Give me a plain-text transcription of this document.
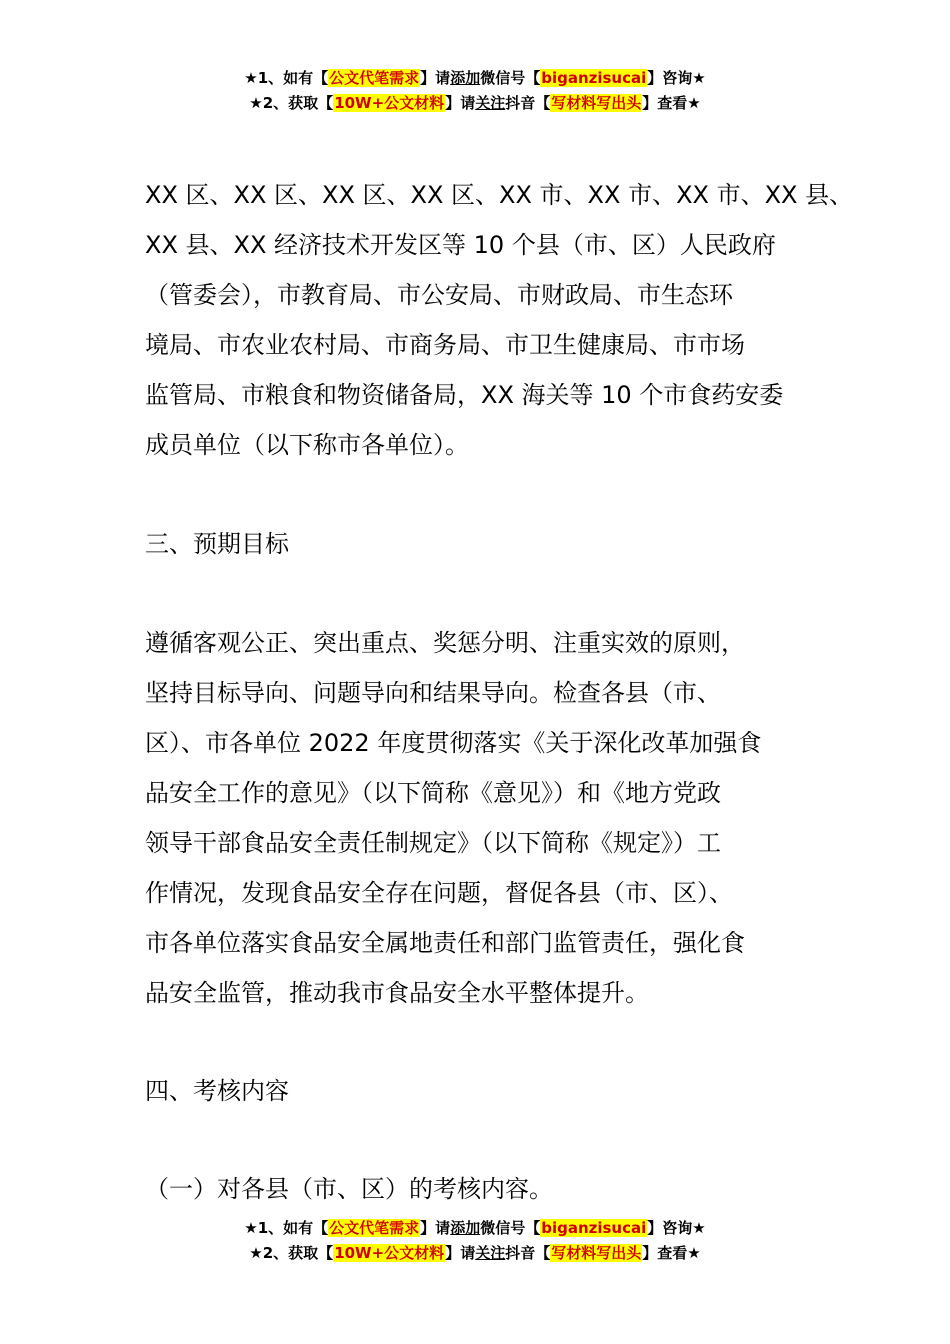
★1、如有【公文代笔需求】请添加微信号【biganzisucai】咨询★
★2、获取【10W+公文材料】请关注抖音【写材料写出头】查看★
XX 区、XX 区、XX 区、XX 区、XX 市、XX 市、XX 市、XX 县、
XX 县、XX 经济技术开发区等 10 个县（市、区）人民政府
（管委会），市教育局、市公安局、市财政局、市生态环
境局、市农业农村局、市商务局、市卫生健康局、市市场
监管局、市粮食和物资储备局，XX 海关等 10 个市食药安委
成员单位（以下称市各单位）。
三、预期目标
遵循客观公正、突出重点、奖惩分明、注重实效的原则，
坚持目标导向、问题导向和结果导向。检查各县（市、
区）、市各单位 2022 年度贯彻落实《关于深化改革加强食
品安全工作的意见》（以下简称《意见》）和《地方党政
领导干部食品安全责任制规定》（以下简称《规定》）工
作情况，发现食品安全存在问题，督促各县（市、区）、
市各单位落实食品安全属地责任和部门监管责任，强化食
品安全监管，推动我市食品安全水平整体提升。
四、考核内容
（一）对各县（市、区）的考核内容。
★1、如有【公文代笔需求】请添加微信号【biganzisucai】咨询★
★2、获取【10W+公文材料】请关注抖音【写材料写出头】查看★
